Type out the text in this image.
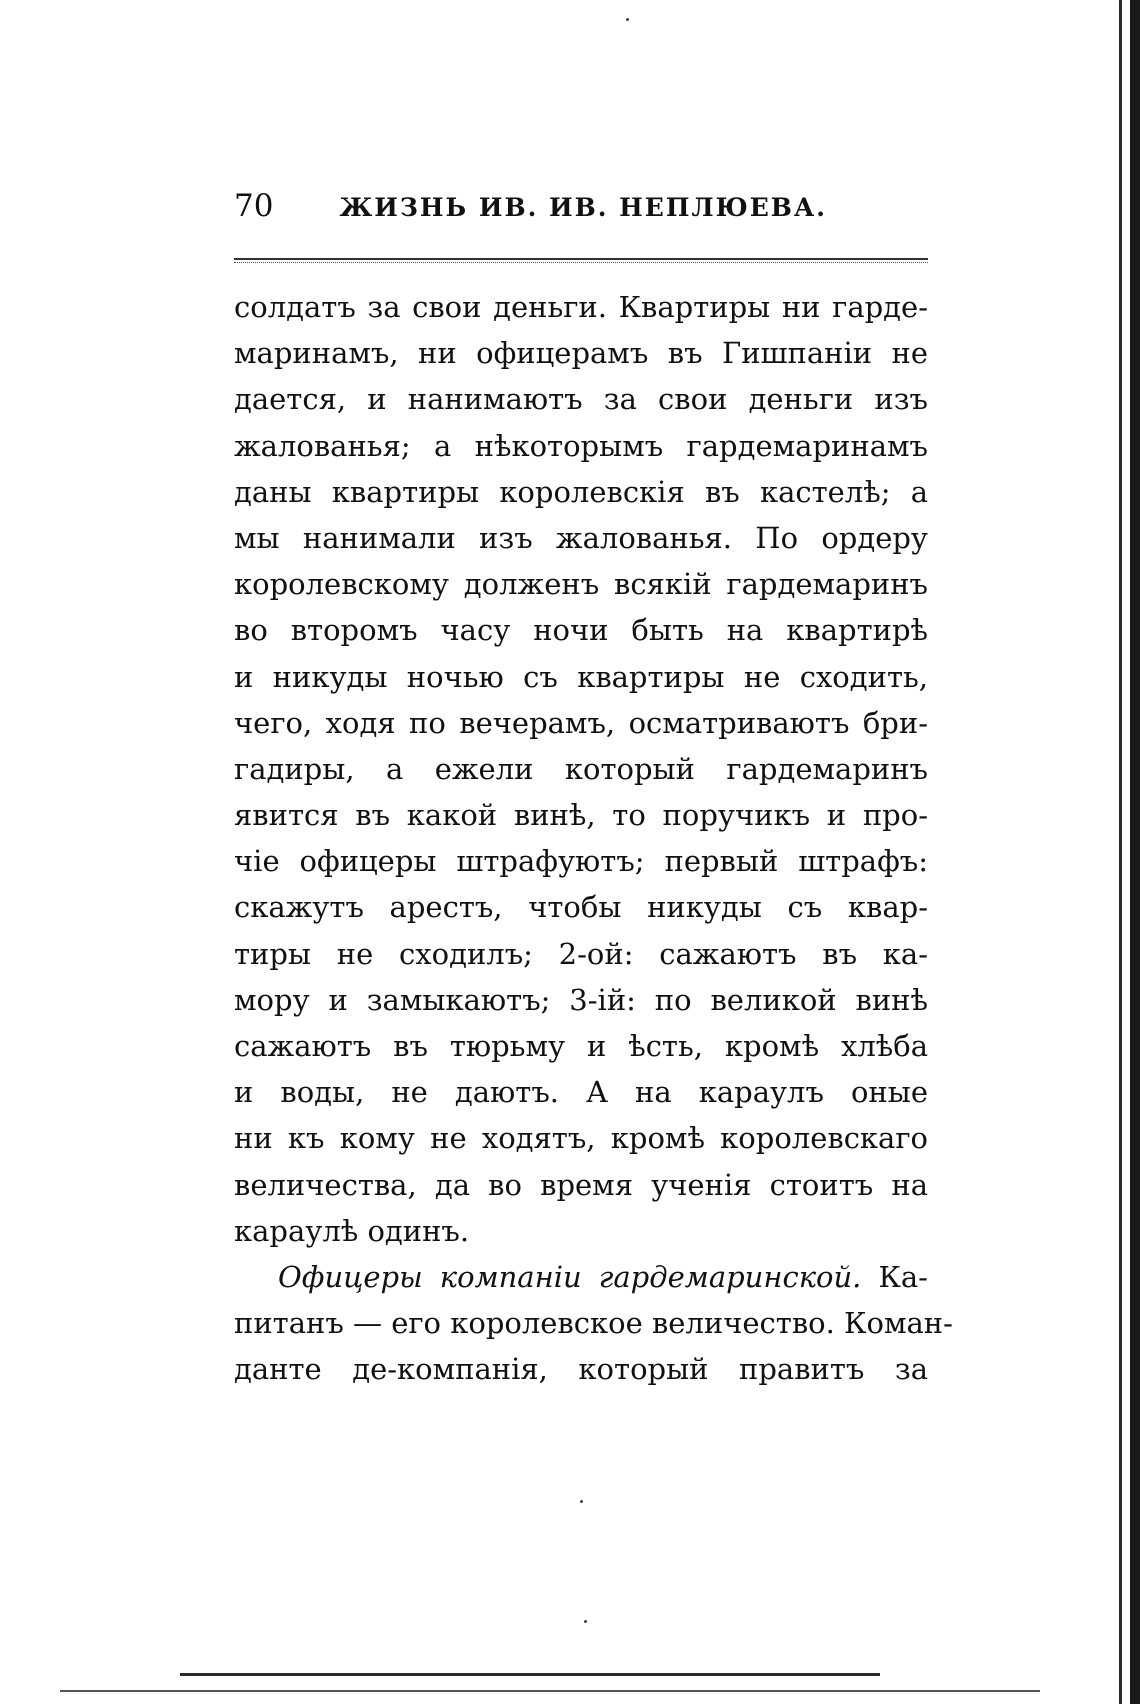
70	ЖИЗНЬ ИВ. ИВ. НЕПЛЮЕВА.
солдатъ за свои деньги. Квартиры ни гарде-
маринамъ, ни офицерамъ въ Гишпаніи не
дается, и нанимаютъ за свои деньги изъ
жалованья; а нѣкоторымъ гардемаринамъ
даны квартиры королевскія въ кастелѣ; а
мы нанимали изъ жалованья. По ордеру
королевскому долженъ всякій гардемаринъ
во второмъ часу ночи быть на квартирѣ
и никуды ночью съ квартиры не сходить,
чего, ходя по вечерамъ, осматриваютъ бри-
гадиры, а ежели который гардемаринъ
явится въ какой винѣ, то поручикъ и про-
чіе офицеры штрафуютъ; первый штрафъ:
скажутъ арестъ, чтобы никуды съ квар-
тиры не сходилъ; 2-ой: сажаютъ въ ка-
мору и замыкаютъ; 3-ій: по великой винѣ
сажаютъ въ тюрьму и ѣсть, кромѣ хлѣба
и воды, не даютъ. А на караулъ оные
ни къ кому не ходятъ, кромѣ королевскаго
величества, да во время ученія стоитъ на
караулѣ одинъ.
Офицеры компаніи гардемаринской. Ка-
питанъ — его королевское величество. Коман-
данте де-компанія, который правитъ за
